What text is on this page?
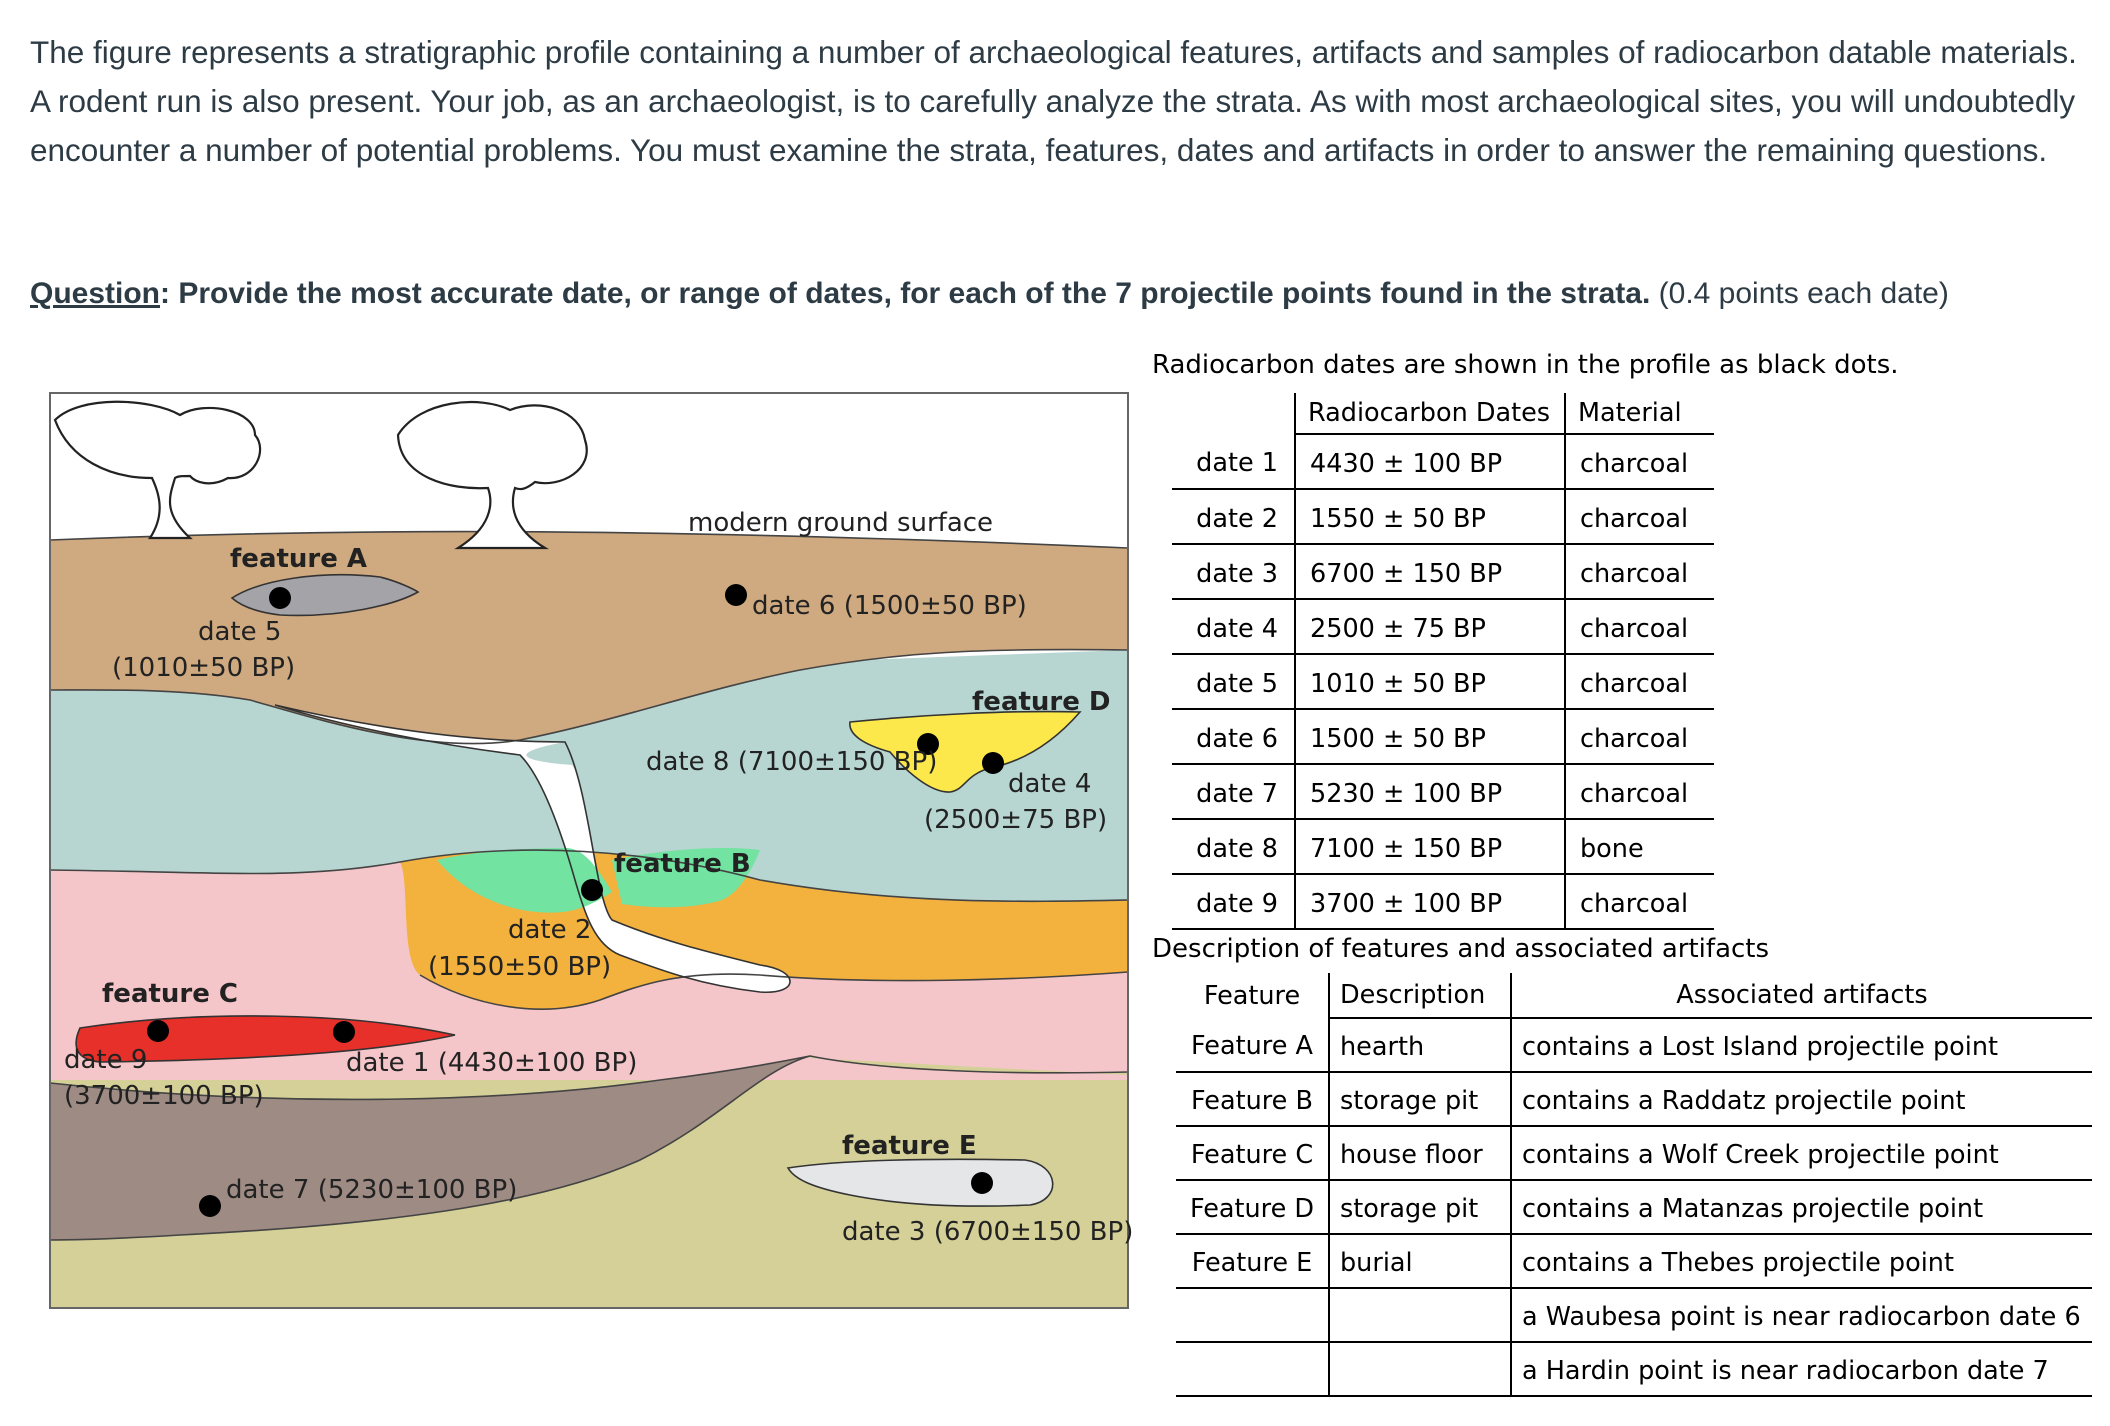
The figure represents a stratigraphic profile containing a number of archaeological features, artifacts and samples of radiocarbon datable materials.
A rodent run is also present. Your job, as an archaeologist, is to carefully analyze the strata. As with most archaeological sites, you will undoubtedly
encounter a number of potential problems. You must examine the strata, features, dates and artifacts in order to answer the remaining questions.

Question: Provide the most accurate date, or range of dates, for each of the 7 projectile points found in the strata. (0.4 points each date)

modern ground surface
feature A
date 5
(1010±50 BP)
date 6 (1500±50 BP)
feature D
date 8 (7100±150 BP)
date 4
(2500±75 BP)
feature B
date 2
(1550±50 BP)
feature C
date 9
(3700±100 BP)
date 1 (4430±100 BP)
feature E
date 7 (5230±100 BP)
date 3 (6700±150 BP)
Radiocarbon dates are shown in the profile as black dots.
	Radiocarbon Dates	Material
date 1	4430 ± 100 BP	charcoal
date 2	1550 ± 50 BP	charcoal
date 3	6700 ± 150 BP	charcoal
date 4	2500 ± 75 BP	charcoal
date 5	1010 ± 50 BP	charcoal
date 6	1500 ± 50 BP	charcoal
date 7	5230 ± 100 BP	charcoal
date 8	7100 ± 150 BP	bone
date 9	3700 ± 100 BP	charcoal
Description of features and associated artifacts
Feature	Description	Associated artifacts
Feature A	hearth	contains a Lost Island projectile point
Feature B	storage pit	contains a Raddatz projectile point
Feature C	house floor	contains a Wolf Creek projectile point
Feature D	storage pit	contains a Matanzas projectile point
Feature E	burial	contains a Thebes projectile point
		a Waubesa point is near radiocarbon date 6
		a Hardin point is near radiocarbon date 7
